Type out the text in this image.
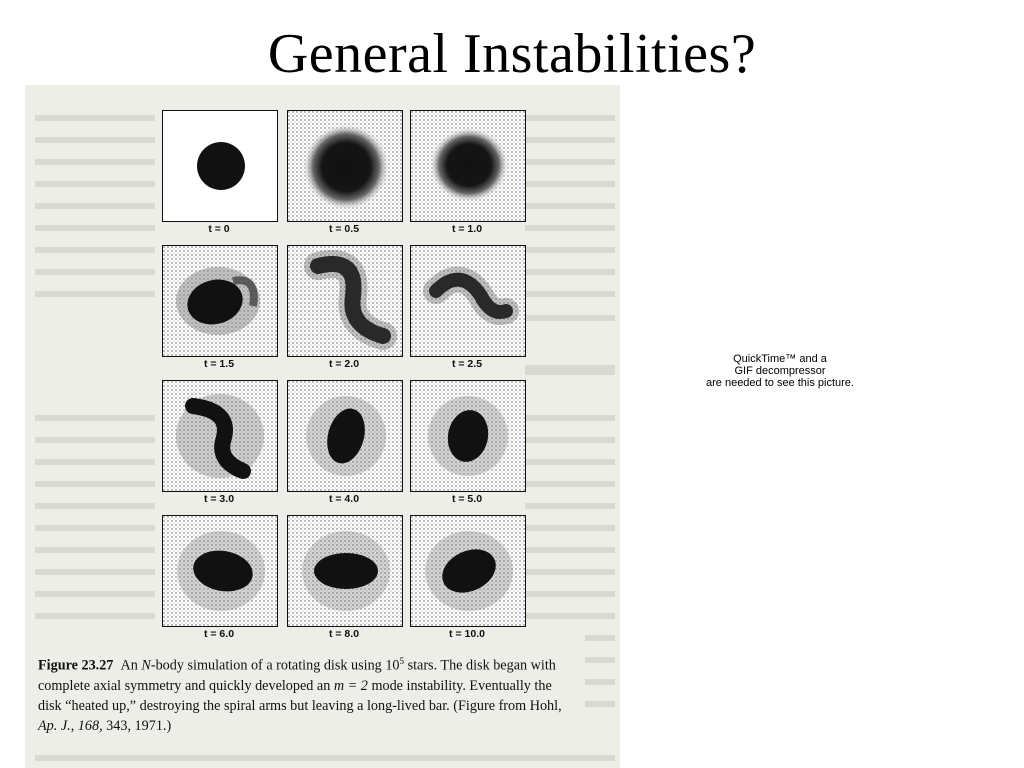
General Instabilities?
t = 0	t = 0.5	t = 1.0
t = 1.5	t = 2.0	t = 2.5
t = 3.0	t = 4.0	t = 5.0
t = 6.0	t = 8.0	t = 10.0
Figure 23.27 An N-body simulation of a rotating disk using $10^5$ stars. The disk began with complete axial symmetry and quickly developed an m = 2 mode instability. Eventually the disk “heated up,” destroying the spiral arms but leaving a long-lived bar. (Figure from Hohl, Ap. J., 168, 343, 1971.)
QuickTime™ and a
GIF decompressor
are needed to see this picture.
